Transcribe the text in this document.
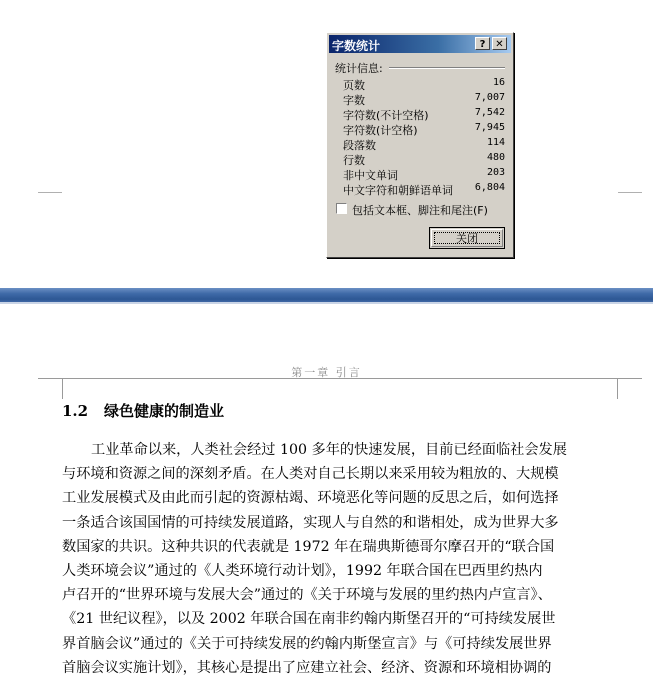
第一章 引言
1.2 绿色健康的制造业
工业革命以来，人类社会经过 100 多年的快速发展，目前已经面临社会发展
与环境和资源之间的深刻矛盾。在人类对自己长期以来采用较为粗放的、大规模
工业发展模式及由此而引起的资源枯竭、环境恶化等问题的反思之后，如何选择
一条适合该国国情的可持续发展道路，实现人与自然的和谐相处，成为世界大多
数国家的共识。这种共识的代表就是 1972 年在瑞典斯德哥尔摩召开的“联合国
人类环境会议”通过的《人类环境行动计划》，1992 年联合国在巴西里约热内
卢召开的“世界环境与发展大会”通过的《关于环境与发展的里约热内卢宣言》、
《21 世纪议程》，以及 2002 年联合国在南非约翰内斯堡召开的“可持续发展世
界首脑会议”通过的《关于可持续发展的约翰内斯堡宣言》与《可持续发展世界
首脑会议实施计划》，其核心是提出了应建立社会、经济、资源和环境相协调的
字数统计	? ✕
统计信息:
页数	16
字数	7,007
字符数(不计空格)	7,542
字符数(计空格)	7,945
段落数	114
行数	480
非中文单词	203
中文字符和朝鲜语单词 6,804
包括文本框、脚注和尾注(F)
关闭
